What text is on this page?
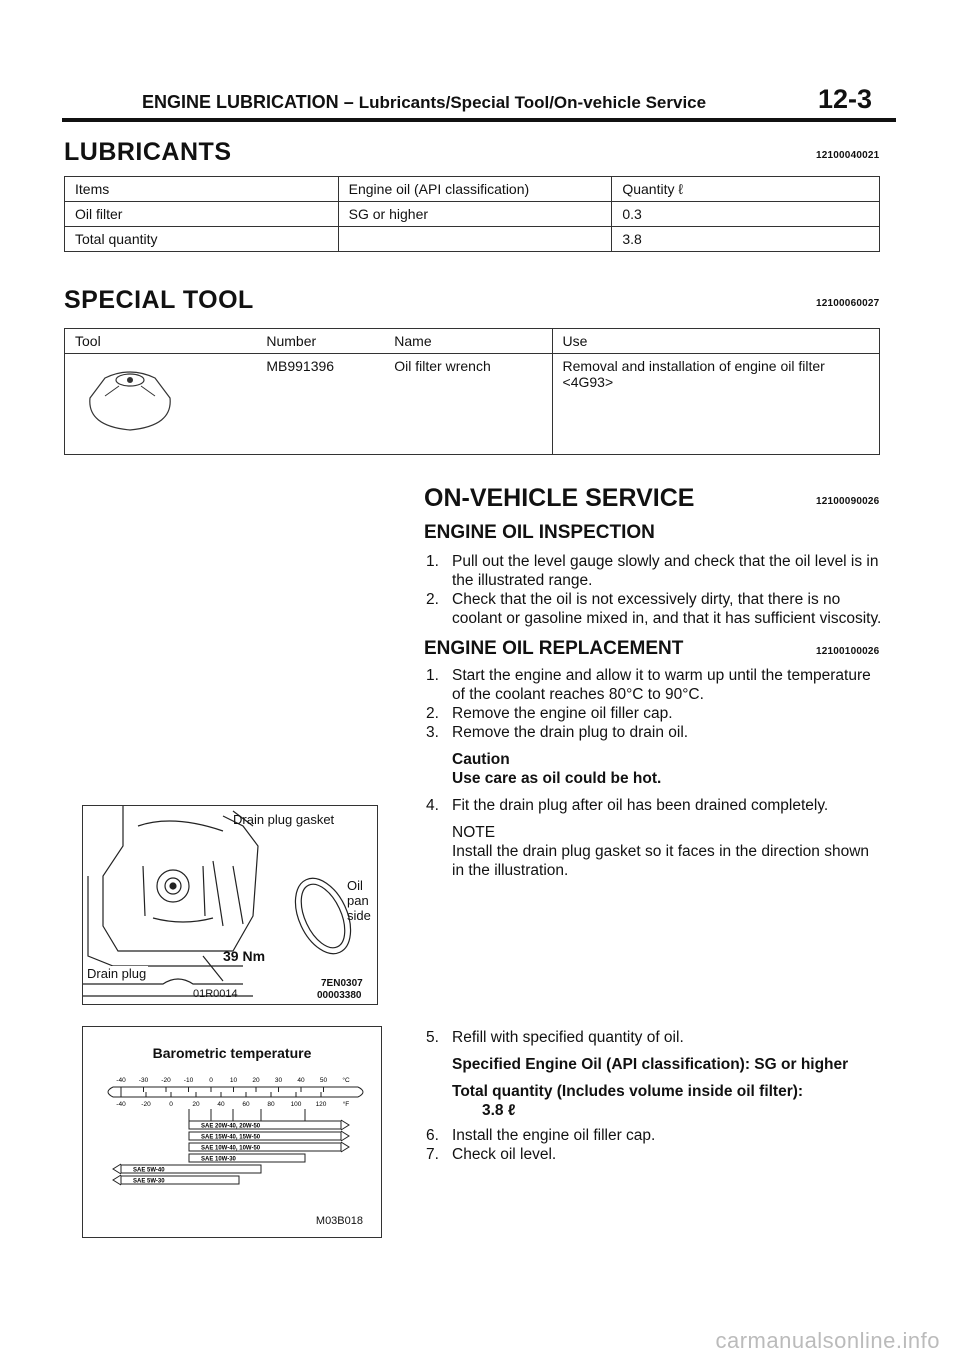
ENGINE LUBRICATION – Lubricants/Special Tool/On-vehicle Service	12-3
LUBRICANTS	12100040021
Items	Engine oil (API classification)	Quantity ℓ
Oil filter	SG or higher	0.3
Total quantity		3.8
SPECIAL TOOL	12100060027
Tool	Number	Name	Use
	MB991396	Oil filter wrench	Removal and installation of engine oil filter <4G93>
ON-VEHICLE SERVICE	12100090026
ENGINE OIL INSPECTION
1. Pull out the level gauge slowly and check that the oil level is in the illustrated range.
2. Check that the oil is not excessively dirty, that there is no coolant or gasoline mixed in, and that it has sufficient viscosity.
ENGINE OIL REPLACEMENT	12100100026
1. Start the engine and allow it to warm up until the temperature of the coolant reaches 80°C to 90°C.
2. Remove the engine oil filler cap.
3. Remove the drain plug to drain oil.
Caution
Use care as oil could be hot.
4. Fit the drain plug after oil has been drained completely.
NOTE
Install the drain plug gasket so it faces in the direction shown in the illustration.
5. Refill with specified quantity of oil.
Specified Engine Oil (API classification): SG or higher
Total quantity (Includes volume inside oil filter):
3.8 ℓ
6. Install the engine oil filler cap.
7. Check oil level.
Drain plug gasket
Oil
pan
side
39 Nm
Drain plug
01R0014
7EN0307
00003380
Barometric temperature
-40 -30 -20 -10 0	10 20 30 40 50 °C
-40 -20	0	20	40	60	80 100 120	°F
SAE 20W-40, 20W-50
SAE 15W-40, 15W-50
SAE 10W-40, 10W-50
SAE 10W-30
SAE 5W-40
SAE 5W-30
M03B018
carmanualsonline.info
